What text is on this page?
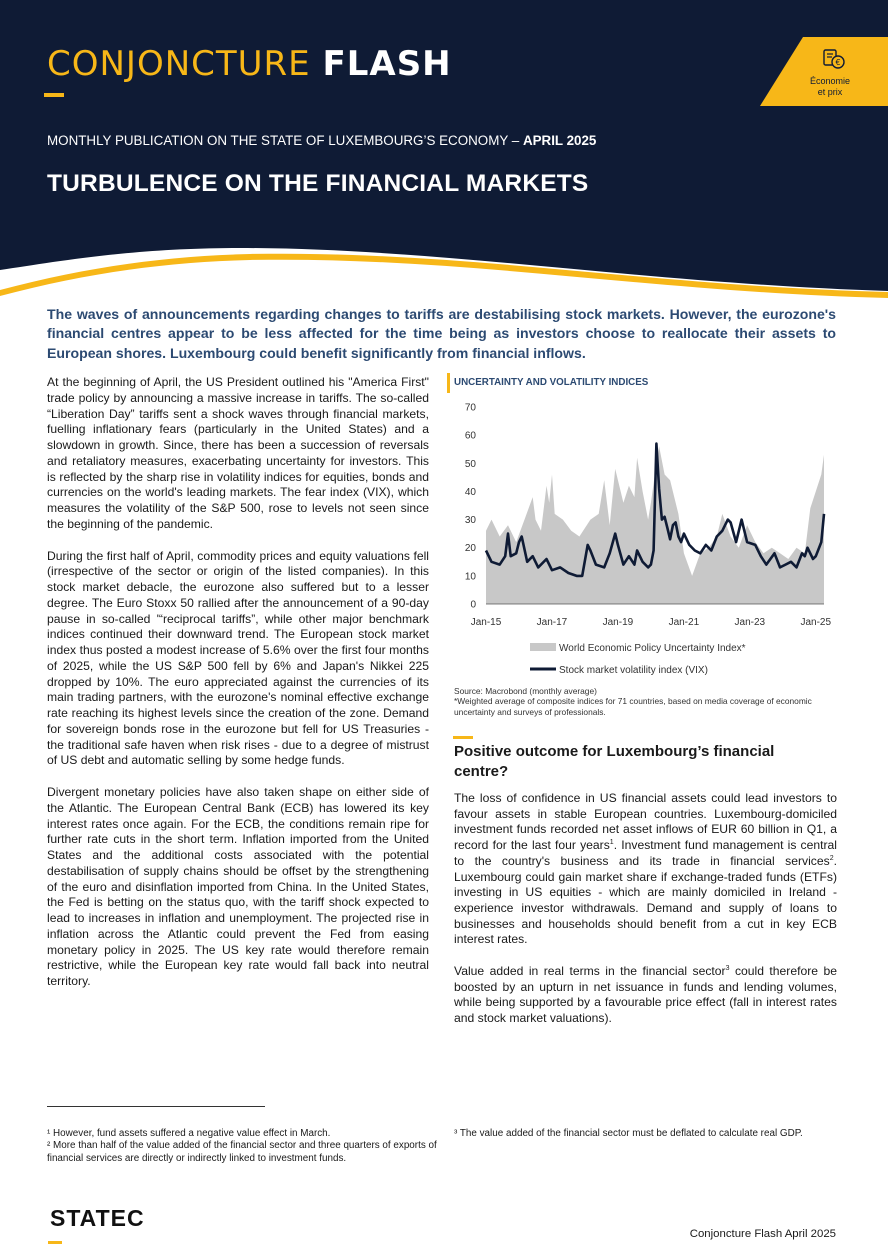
CONJONCTURE FLASH	€
Économie
et prix
MONTHLY PUBLICATION ON THE STATE OF LUXEMBOURG’S ECONOMY – APRIL 2025
TURBULENCE ON THE FINANCIAL MARKETS

The waves of announcements regarding changes to tariffs are destabilising stock markets. However, the eurozone's financial centres appear to be less affected for the time being as investors choose to reallocate their assets to European shores. Luxembourg could benefit significantly from financial inflows.

At the beginning of April, the US President outlined his "America First" trade policy by announcing a massive increase in tariffs. The so-called “Liberation Day” tariffs sent a shock waves through financial markets, fuelling inflationary fears (particularly in the United States) and a slowdown in growth. Since, there has been a succession of reversals and retaliatory measures, exacerbating uncertainty for investors. This is reflected by the sharp rise in volatility indices for equities, bonds and currencies on the world's leading markets. The fear index (VIX), which measures the volatility of the S&P 500, rose to levels not seen since the beginning of the pandemic.

During the first half of April, commodity prices and equity valuations fell (irrespective of the sector or origin of the listed companies). In this stock market debacle, the eurozone also suffered but to a lesser degree. The Euro Stoxx 50 rallied after the announcement of a 90-day pause in so-called '“reciprocal tariffs”, while other major benchmark indices continued their downward trend. The European stock market index thus posted a modest increase of 5.6% over the first four months of 2025, while the US S&P 500 fell by 6% and Japan's Nikkei 225 dropped by 10%. The euro appreciated against the currencies of its main trading partners, with the eurozone's nominal effective exchange rate reaching its highest levels since the creation of the zone. Demand for sovereign bonds rose in the eurozone but fell for US Treasuries - the traditional safe haven when risk rises - due to a degree of mistrust of US debt and automatic selling by some hedge funds.

Divergent monetary policies have also taken shape on either side of the Atlantic. The European Central Bank (ECB) has lowered its key interest rates once again. For the ECB, the conditions remain ripe for further rate cuts in the short term. Inflation imported from the United States and the additional costs associated with the potential destabilisation of supply chains should be offset by the strengthening of the euro and disinflation imported from China. In the United States, the Fed is betting on the status quo, with the tariff shock expected to lead to increases in inflation and unemployment. The projected rise in inflation across the Atlantic could prevent the Fed from easing monetary policy in 2025. The US key rate would therefore remain restrictive, while the European key rate would fall back into neutral territory.

UNCERTAINTY AND VOLATILITY INDICES
0
10
20
30
40
50
60
70
Jan-15	Jan-17	Jan-19	Jan-21	Jan-23	Jan-25
World Economic Policy Uncertainty Index*
Stock market volatility index (VIX)
Source: Macrobond (monthly average)
*Weighted average of composite indices for 71 countries, based on media coverage of economic uncertainty and surveys of professionals.
Positive outcome for Luxembourg’s financial centre?

The loss of confidence in US financial assets could lead investors to favour assets in stable European countries. Luxembourg-domiciled investment funds recorded net asset inflows of EUR 60 billion in Q1, a record for the last four years$^1$. Investment fund management is central to the country's business and its trade in financial services$^2$. Luxembourg could gain market share if exchange-traded funds (ETFs) investing in US equities - which are mainly domiciled in Ireland - experience investor withdrawals. Demand and supply of loans to businesses and households should benefit from a cut in key ECB interest rates.

Value added in real terms in the financial sector$^3$ could therefore be boosted by an upturn in net issuance in funds and lending volumes, while being supported by a favourable price effect (fall in interest rates and stock market valuations).

¹ However, fund assets suffered a negative value effect in March.
² More than half of the value added of the financial sector and three quarters of exports of financial services are directly or indirectly linked to investment funds.
³ The value added of the financial sector must be deflated to calculate real GDP.
STATEC
Conjoncture Flash April 2025
